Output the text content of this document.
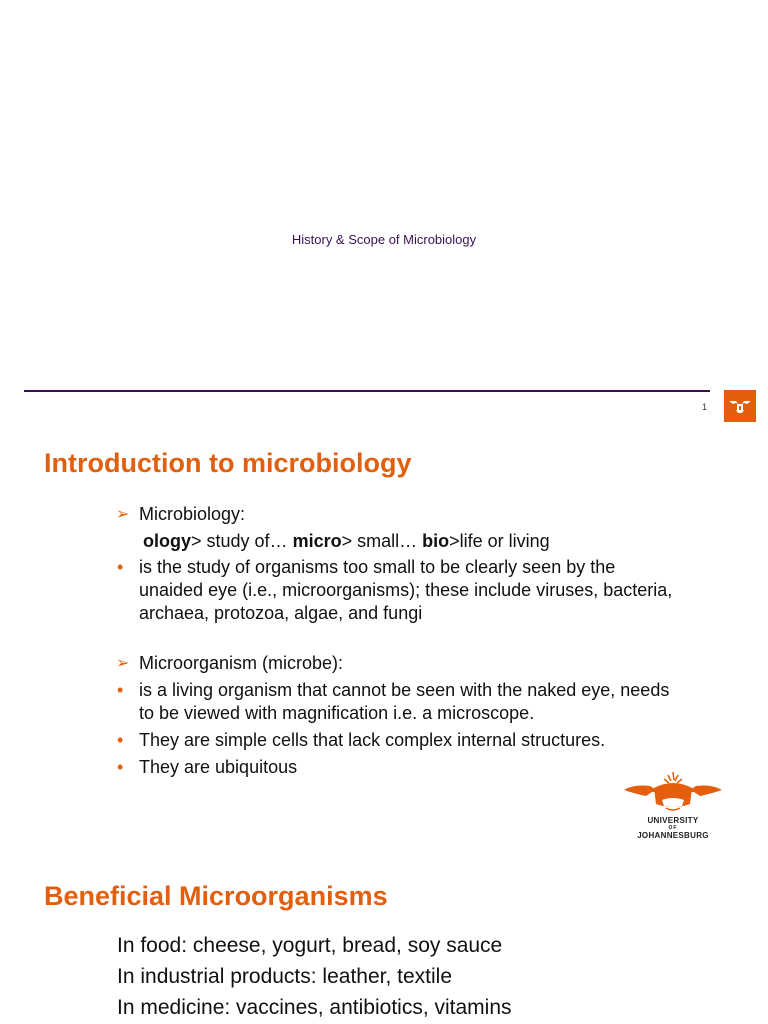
History & Scope of Microbiology
1
Introduction to microbiology
➢ Microbiology:
ology> study of… micro> small… bio>life or living
• is the study of organisms too small to be clearly seen by the unaided eye (i.e., microorganisms); these include viruses, bacteria, archaea, protozoa, algae, and fungi
➢ Microorganism (microbe):
• is a living organism that cannot be seen with the naked eye, needs to be viewed with magnification i.e. a microscope.
• They are simple cells that lack complex internal structures.
• They are ubiquitous
UNIVERSITY
OF
JOHANNESBURG
Beneficial Microorganisms
In food: cheese, yogurt, bread, soy sauce
In industrial products: leather, textile
In medicine: vaccines, antibiotics, vitamins
